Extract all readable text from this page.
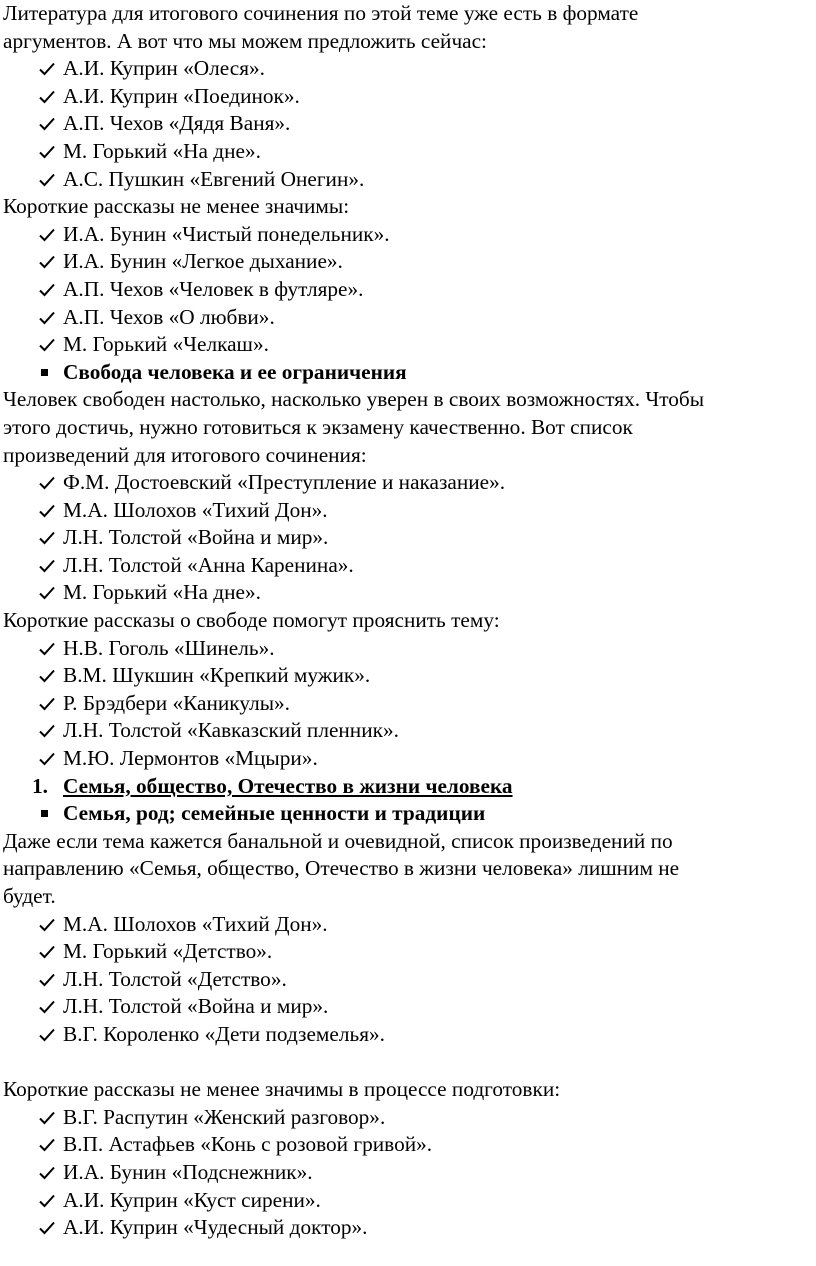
Литература для итогового сочинения по этой теме уже есть в формате

аргументов. А вот что мы можем предложить сейчас:

А.И. Куприн «Олеся».
А.И. Куприн «Поединок».
А.П. Чехов «Дядя Ваня».
М. Горький «На дне».
А.С. Пушкин «Евгений Онегин».

Короткие рассказы не менее значимы:

И.А. Бунин «Чистый понедельник».
И.А. Бунин «Легкое дыхание».
А.П. Чехов «Человек в футляре».
А.П. Чехов «О любви».
М. Горький «Челкаш».
Свобода человека и ее ограничения

Человек свободен настолько, насколько уверен в своих возможностях. Чтобы

этого достичь, нужно готовиться к экзамену качественно. Вот список

произведений для итогового сочинения:

Ф.М. Достоевский «Преступление и наказание».
М.А. Шолохов «Тихий Дон».
Л.Н. Толстой «Война и мир».
Л.Н. Толстой «Анна Каренина».
М. Горький «На дне».

Короткие рассказы о свободе помогут прояснить тему:

Н.В. Гоголь «Шинель».
В.М. Шукшин «Крепкий мужик».
Р. Брэдбери «Каникулы».
Л.Н. Толстой «Кавказский пленник».
М.Ю. Лермонтов «Мцыри».
1. Семья, общество, Отечество в жизни человека
Семья, род; семейные ценности и традиции

Даже если тема кажется банальной и очевидной, список произведений по

направлению «Семья, общество, Отечество в жизни человека» лишним не

будет.

М.А. Шолохов «Тихий Дон».
М. Горький «Детство».
Л.Н. Толстой «Детство».
Л.Н. Толстой «Война и мир».
В.Г. Короленко «Дети подземелья».

Короткие рассказы не менее значимы в процессе подготовки:

В.Г. Распутин «Женский разговор».
В.П. Астафьев «Конь с розовой гривой».
И.А. Бунин «Подснежник».
А.И. Куприн «Куст сирени».
А.И. Куприн «Чудесный доктор».
